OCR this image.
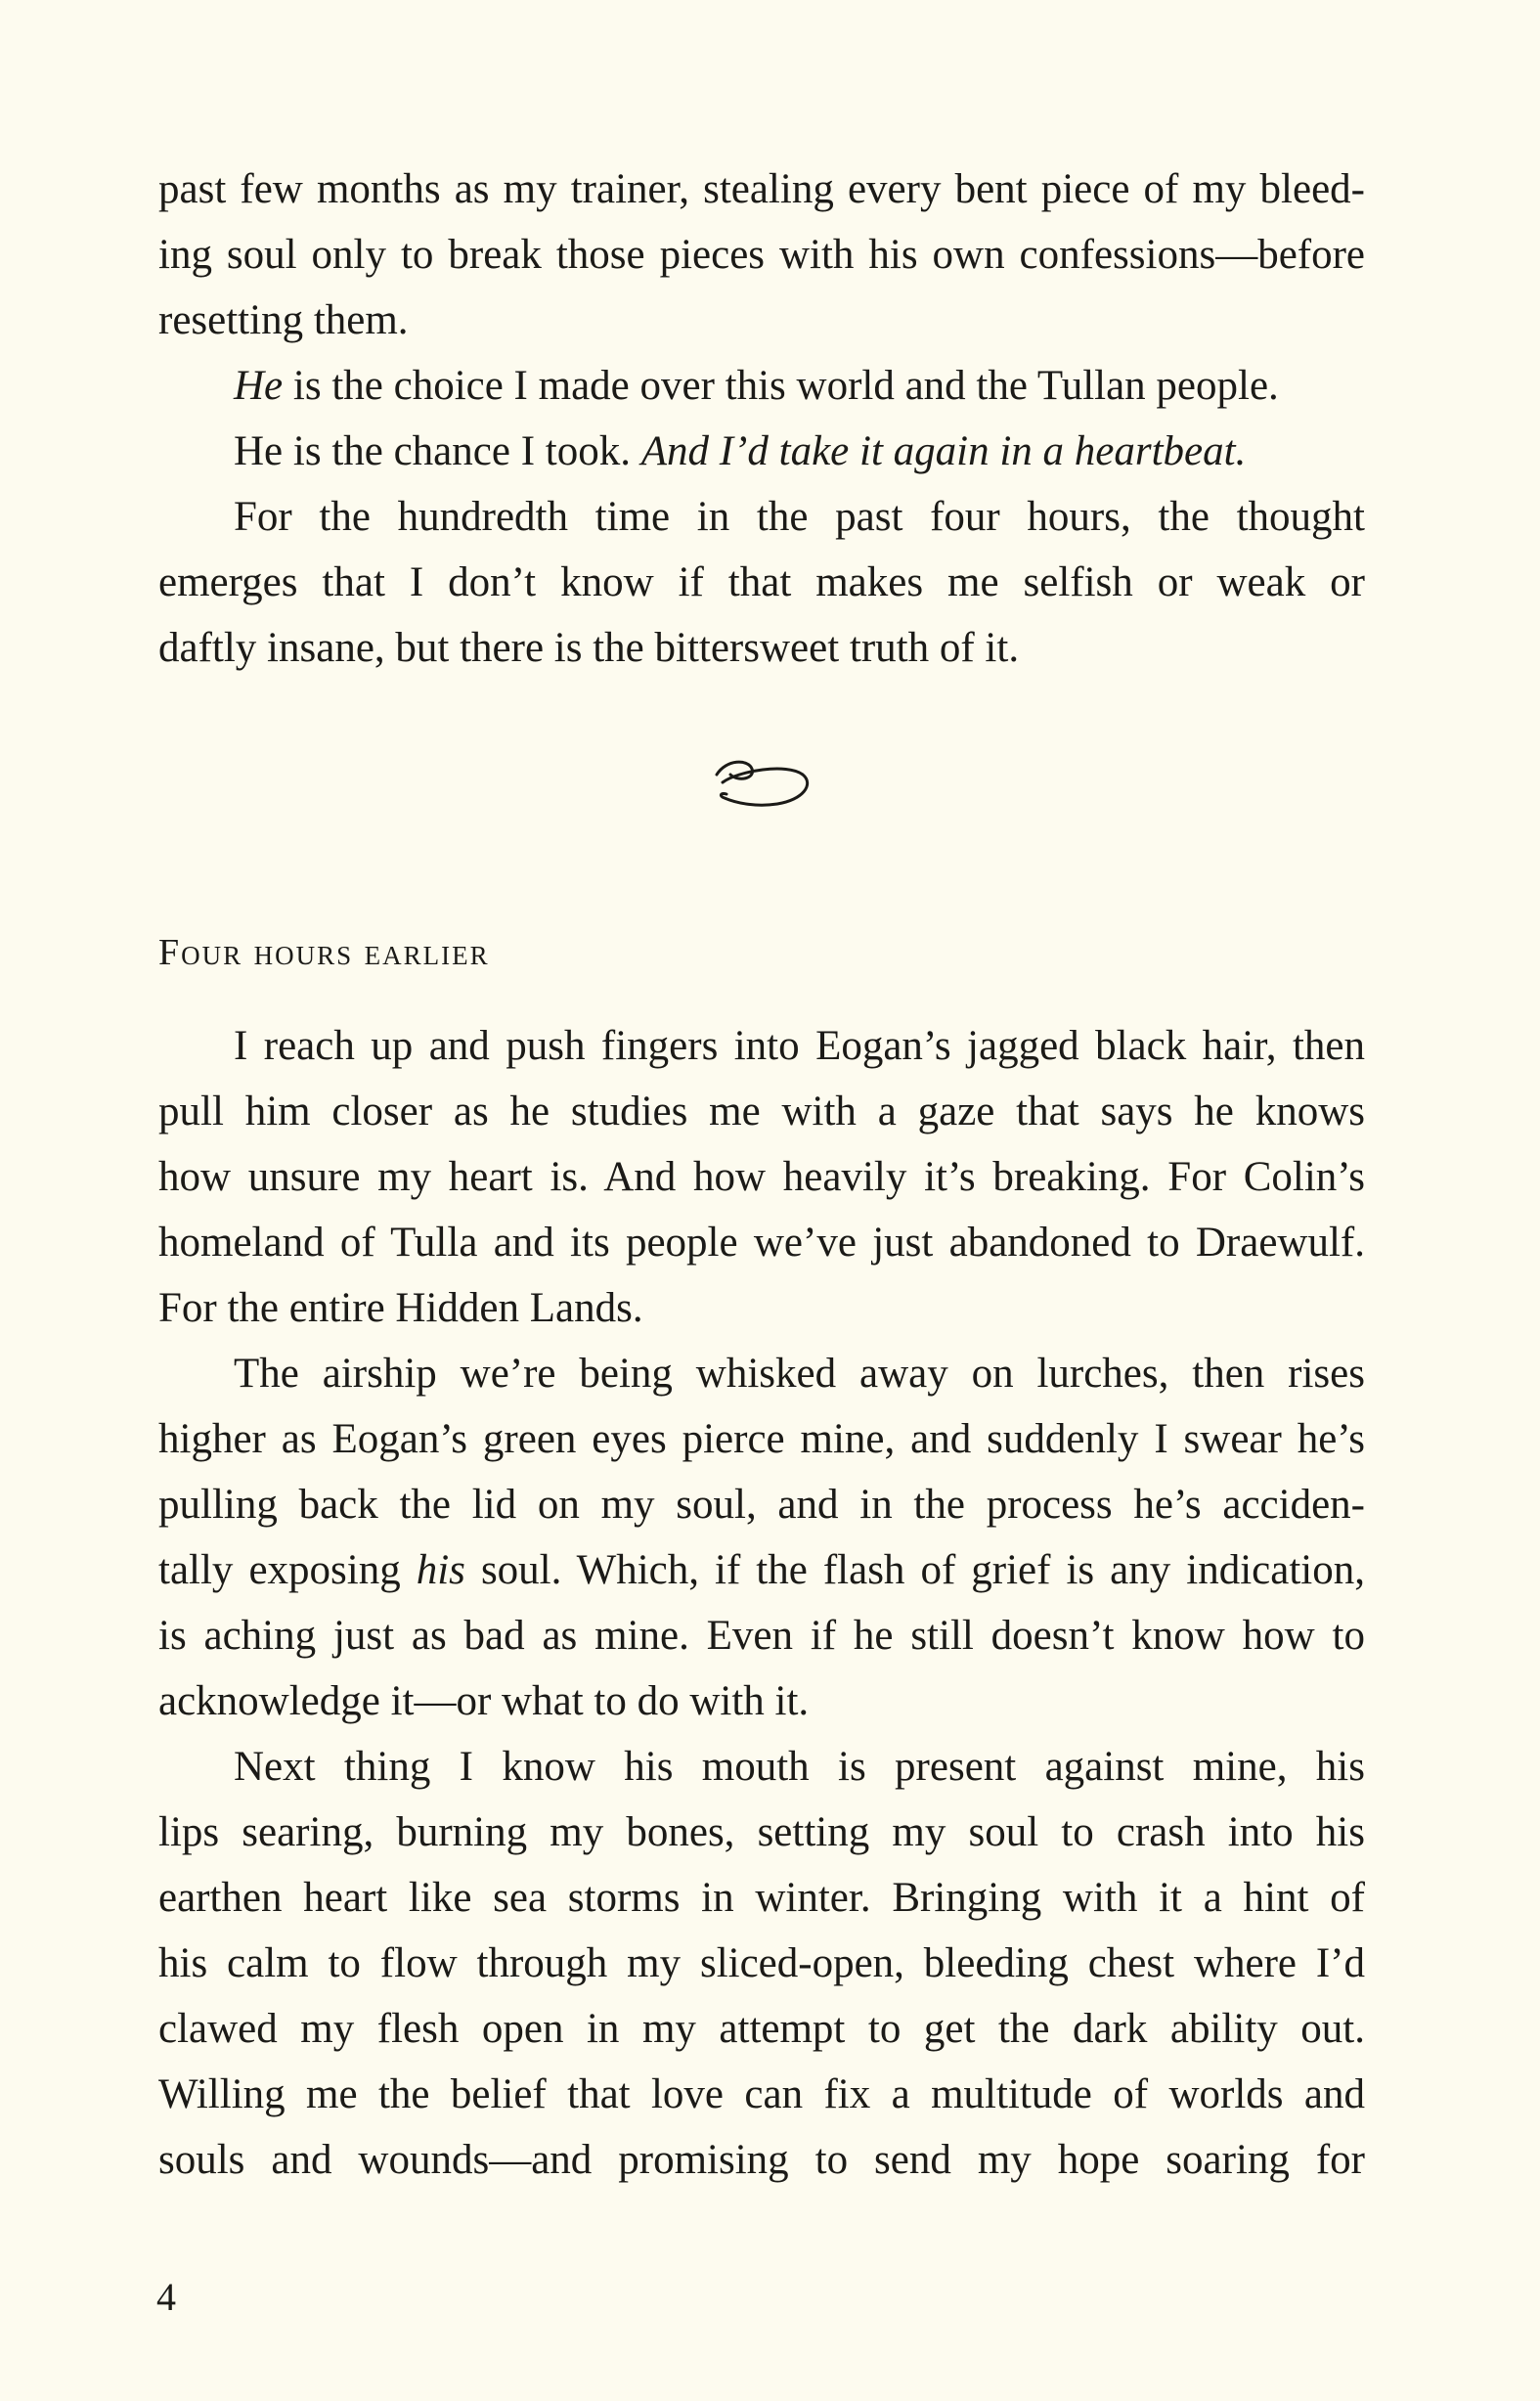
past few months as my trainer, stealing every bent piece of my bleed-
ing soul only to break those pieces with his own confessions—before
resetting them.
He is the choice I made over this world and the Tullan people.
He is the chance I took. And I’d take it again in a heartbeat.
For the hundredth time in the past four hours, the thought
emerges that I don’t know if that makes me selfish or weak or
daftly insane, but there is the bittersweet truth of it.
Four hours earlier
I reach up and push fingers into Eogan’s jagged black hair, then
pull him closer as he studies me with a gaze that says he knows
how unsure my heart is. And how heavily it’s breaking. For Colin’s
homeland of Tulla and its people we’ve just abandoned to Draewulf.
For the entire Hidden Lands.
The airship we’re being whisked away on lurches, then rises
higher as Eogan’s green eyes pierce mine, and suddenly I swear he’s
pulling back the lid on my soul, and in the process he’s acciden-
tally exposing his soul. Which, if the flash of grief is any indication,
is aching just as bad as mine. Even if he still doesn’t know how to
acknowledge it—or what to do with it.
Next thing I know his mouth is present against mine, his
lips searing, burning my bones, setting my soul to crash into his
earthen heart like sea storms in winter. Bringing with it a hint of
his calm to flow through my sliced-open, bleeding chest where I’d
clawed my flesh open in my attempt to get the dark ability out.
Willing me the belief that love can fix a multitude of worlds and
souls and wounds—and promising to send my hope soaring for
4
